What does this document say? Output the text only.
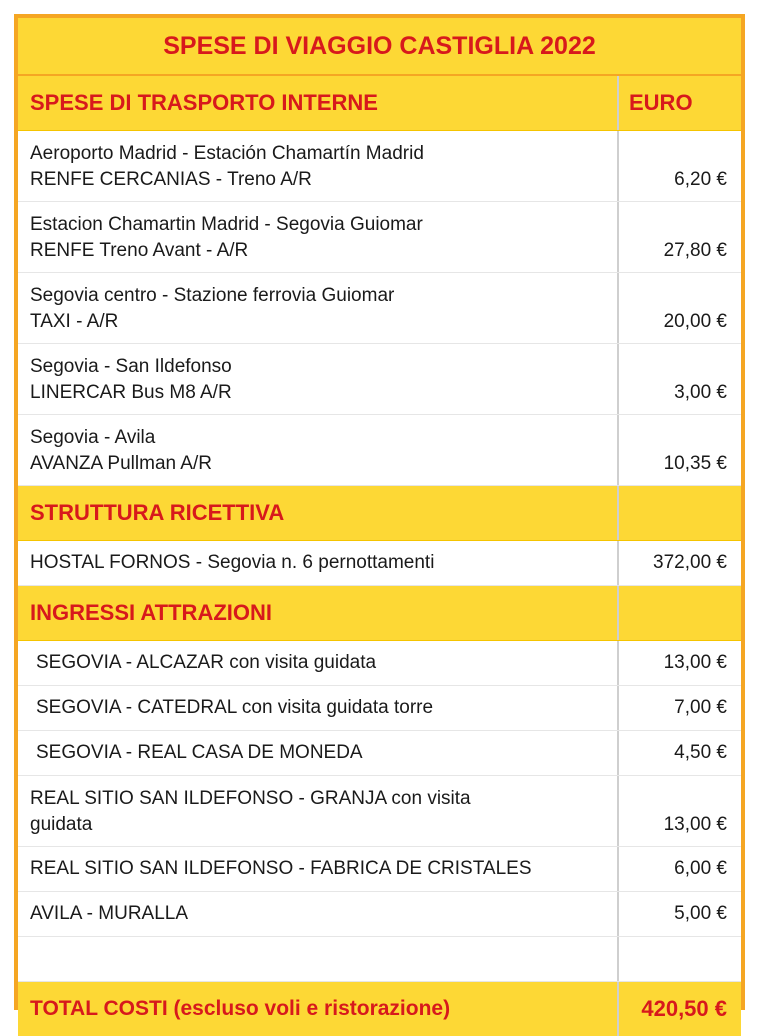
SPESE DI VIAGGIO CASTIGLIA 2022
SPESE DI TRASPORTO INTERNE	EURO
Aeroporto Madrid - Estación Chamartín Madrid
RENFE CERCANIAS - Treno A/R	6,20 €
Estacion Chamartin Madrid - Segovia Guiomar
RENFE Treno Avant - A/R	27,80 €
Segovia centro - Stazione ferrovia Guiomar
TAXI - A/R	20,00 €
Segovia - San Ildefonso
LINERCAR Bus M8 A/R	3,00 €
Segovia - Avila
AVANZA Pullman A/R	10,35 €
STRUTTURA RICETTIVA
HOSTAL FORNOS - Segovia n. 6 pernottamenti	372,00 €
INGRESSI ATTRAZIONI
SEGOVIA - ALCAZAR con visita guidata	13,00 €
SEGOVIA - CATEDRAL con visita guidata torre	7,00 €
SEGOVIA - REAL CASA DE MONEDA	4,50 €
REAL SITIO SAN ILDEFONSO - GRANJA con visita
guidata	13,00 €
REAL SITIO SAN ILDEFONSO - FABRICA DE CRISTALES	6,00 €
AVILA - MURALLA	5,00 €
TOTAL COSTI (escluso voli e ristorazione)	420,50 €
